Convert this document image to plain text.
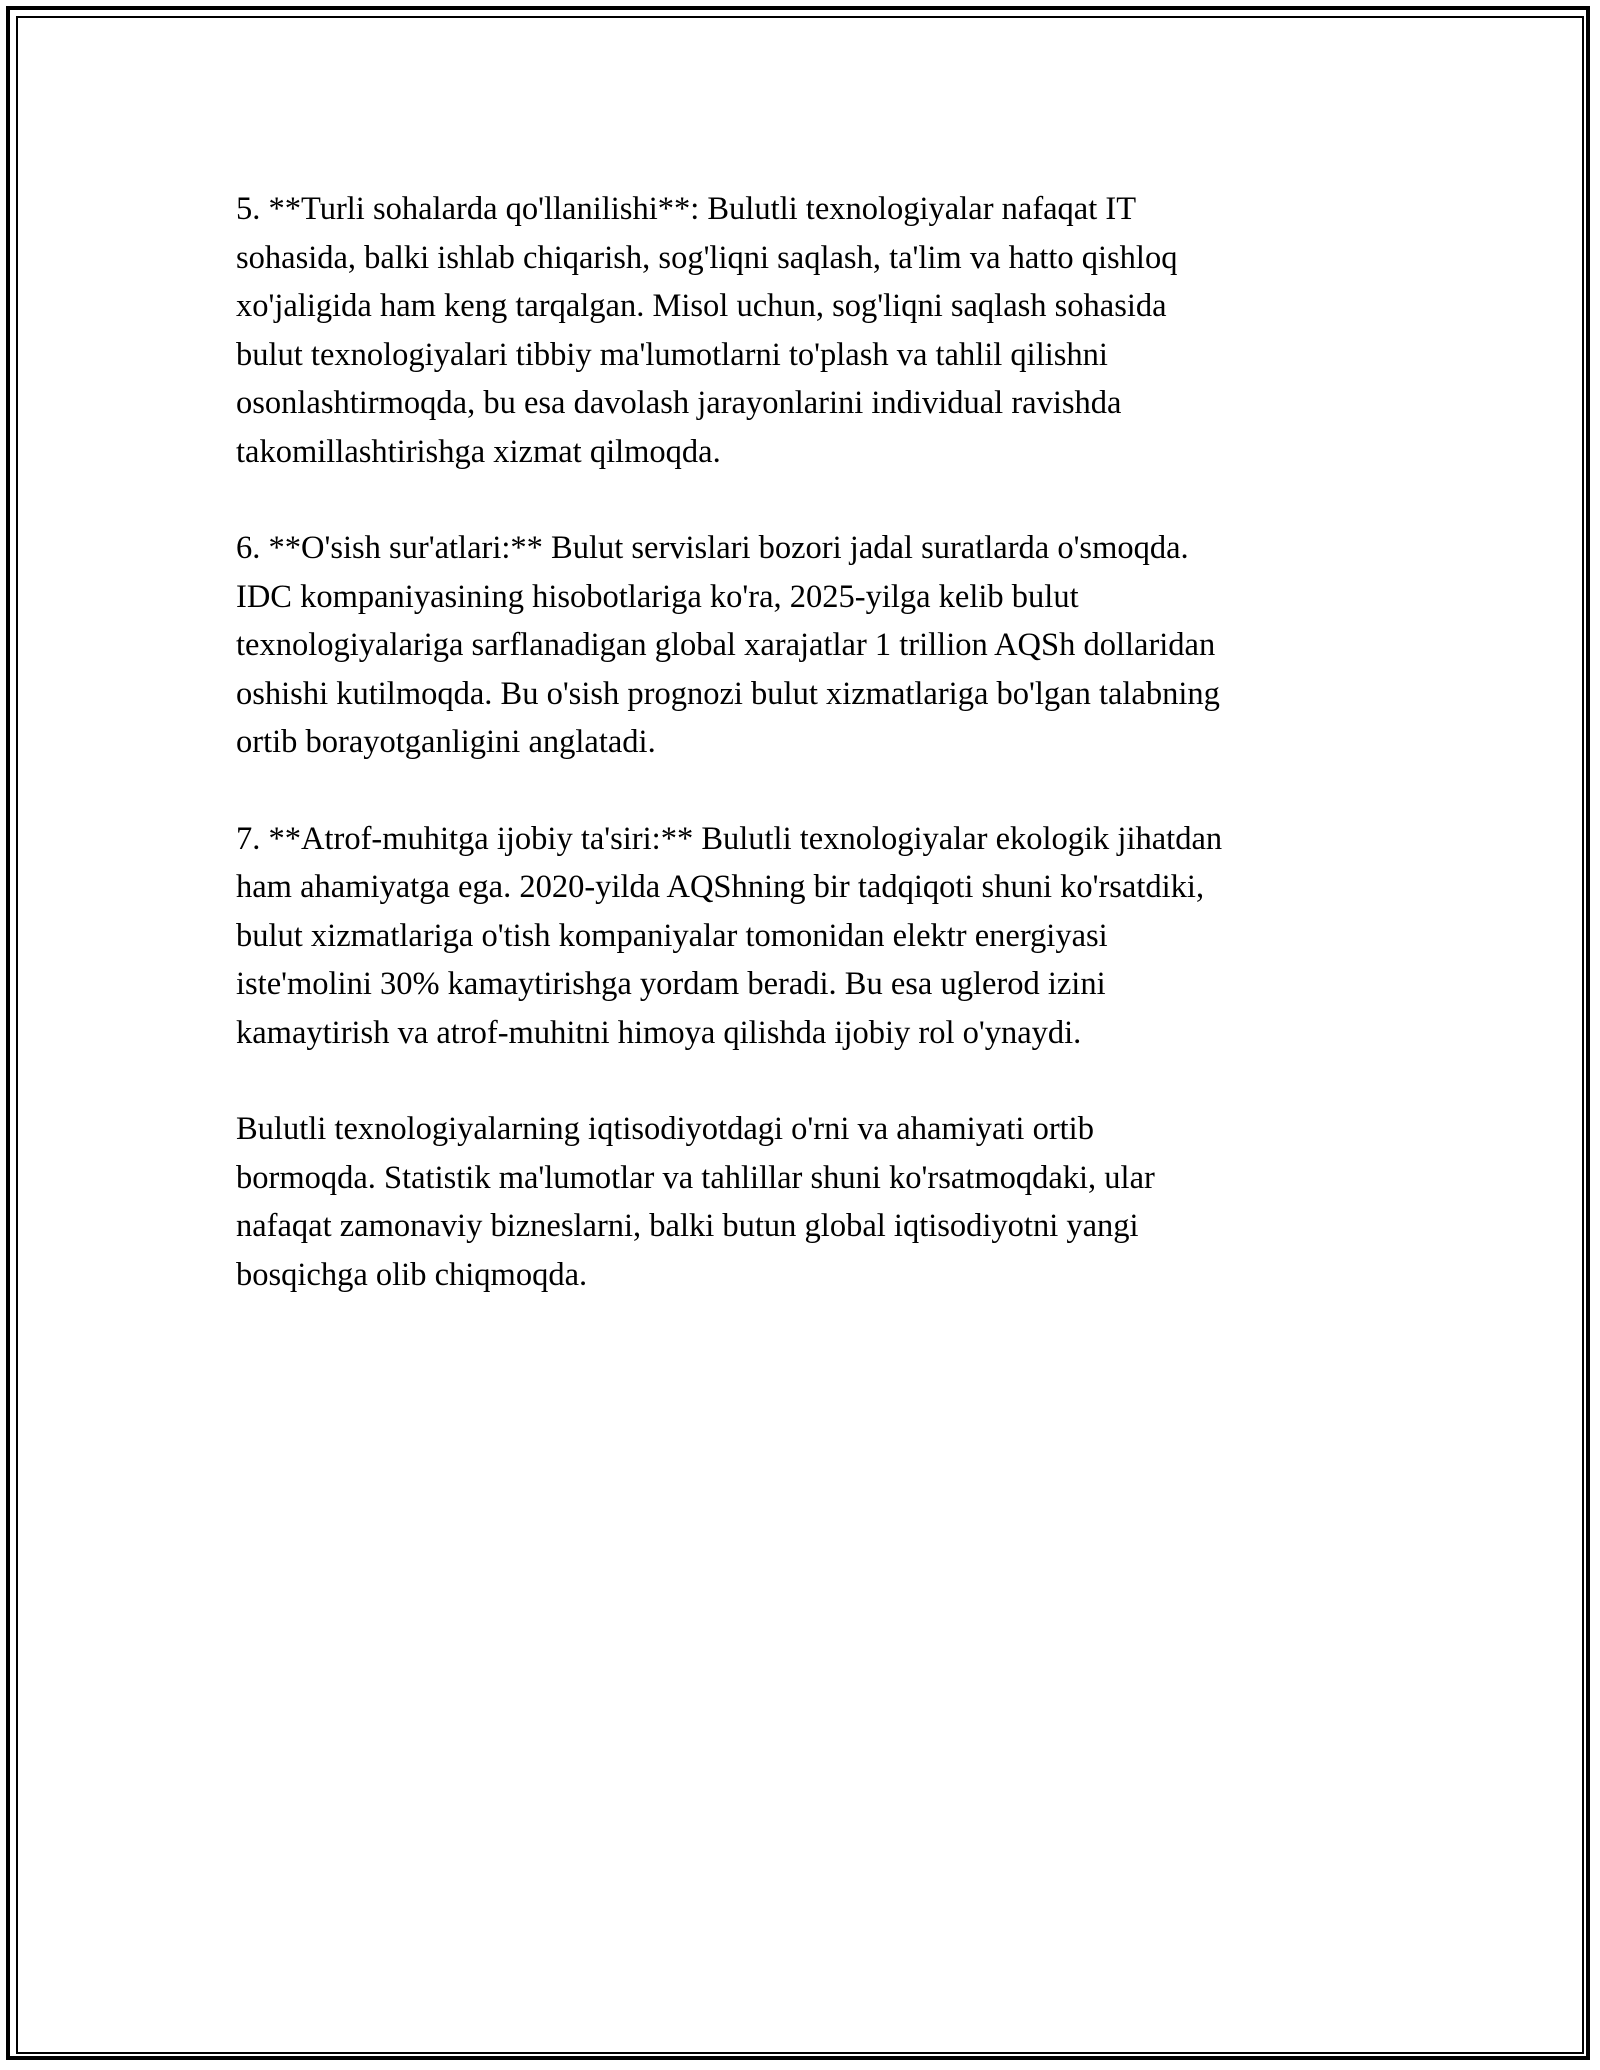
5. **Turli sohalarda qo'llanilishi**: Bulutli texnologiyalar nafaqat IT
sohasida, balki ishlab chiqarish, sog'liqni saqlash, ta'lim va hatto qishloq
xo'jaligida ham keng tarqalgan. Misol uchun, sog'liqni saqlash sohasida
bulut texnologiyalari tibbiy ma'lumotlarni to'plash va tahlil qilishni
osonlashtirmoqda, bu esa davolash jarayonlarini individual ravishda
takomillashtirishga xizmat qilmoqda.

6. **O'sish sur'atlari:** Bulut servislari bozori jadal suratlarda o'smoqda.
IDC kompaniyasining hisobotlariga ko'ra, 2025-yilga kelib bulut
texnologiyalariga sarflanadigan global xarajatlar 1 trillion AQSh dollaridan
oshishi kutilmoqda. Bu o'sish prognozi bulut xizmatlariga bo'lgan talabning
ortib borayotganligini anglatadi.

7. **Atrof-muhitga ijobiy ta'siri:** Bulutli texnologiyalar ekologik jihatdan
ham ahamiyatga ega. 2020-yilda AQShning bir tadqiqoti shuni ko'rsatdiki,
bulut xizmatlariga o'tish kompaniyalar tomonidan elektr energiyasi
iste'molini 30% kamaytirishga yordam beradi. Bu esa uglerod izini
kamaytirish va atrof-muhitni himoya qilishda ijobiy rol o'ynaydi.

Bulutli texnologiyalarning iqtisodiyotdagi o'rni va ahamiyati ortib
bormoqda. Statistik ma'lumotlar va tahlillar shuni ko'rsatmoqdaki, ular
nafaqat zamonaviy bizneslarni, balki butun global iqtisodiyotni yangi
bosqichga olib chiqmoqda.
